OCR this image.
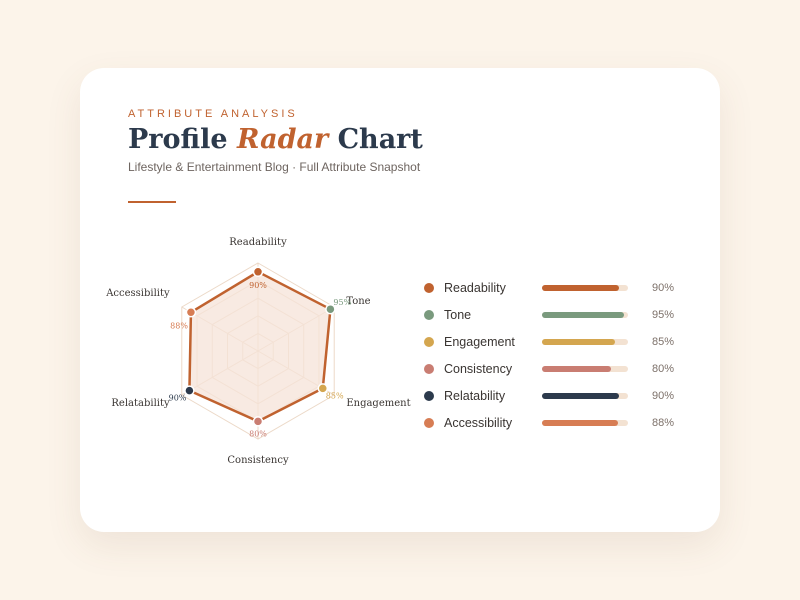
ATTRIBUTE ANALYSIS
Profile Radar Chart
Lifestyle & Entertainment Blog · Full Attribute Snapshot
Readability
90%
Tone
95%
Engagement
85%
Consistency
80%
Relatability
90%
Accessibility
88%
Readability	90%
Tone	95%
Engagement	85%
Consistency	80%
Relatability	90%
Accessibility	88%
